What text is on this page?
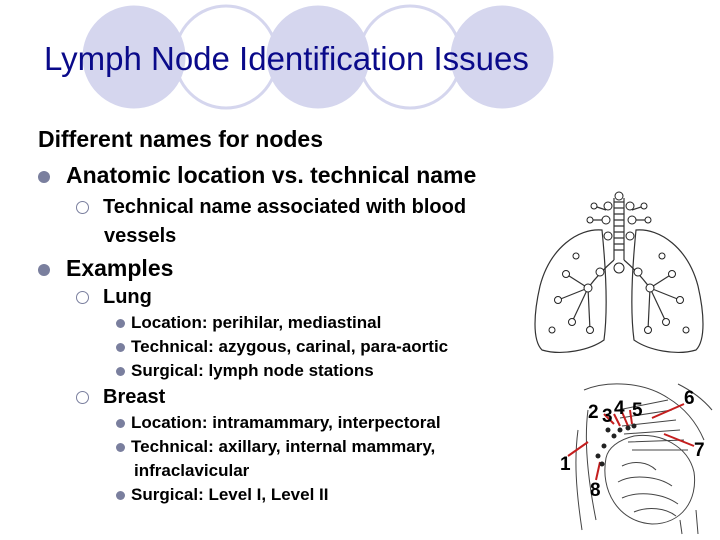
Lymph Node Identification Issues
Different names for nodes
Anatomic location vs. technical name
Technical name associated with blood
vessels
Examples
Lung
Location: perihilar, mediastinal
Technical: azygous, carinal, para-aortic
Surgical: lymph node stations
Breast
Location: intramammary, interpectoral
Technical: axillary, internal mammary,
infraclavicular
Surgical: Level I, Level II
2 3 4 5
6
7
1
8
